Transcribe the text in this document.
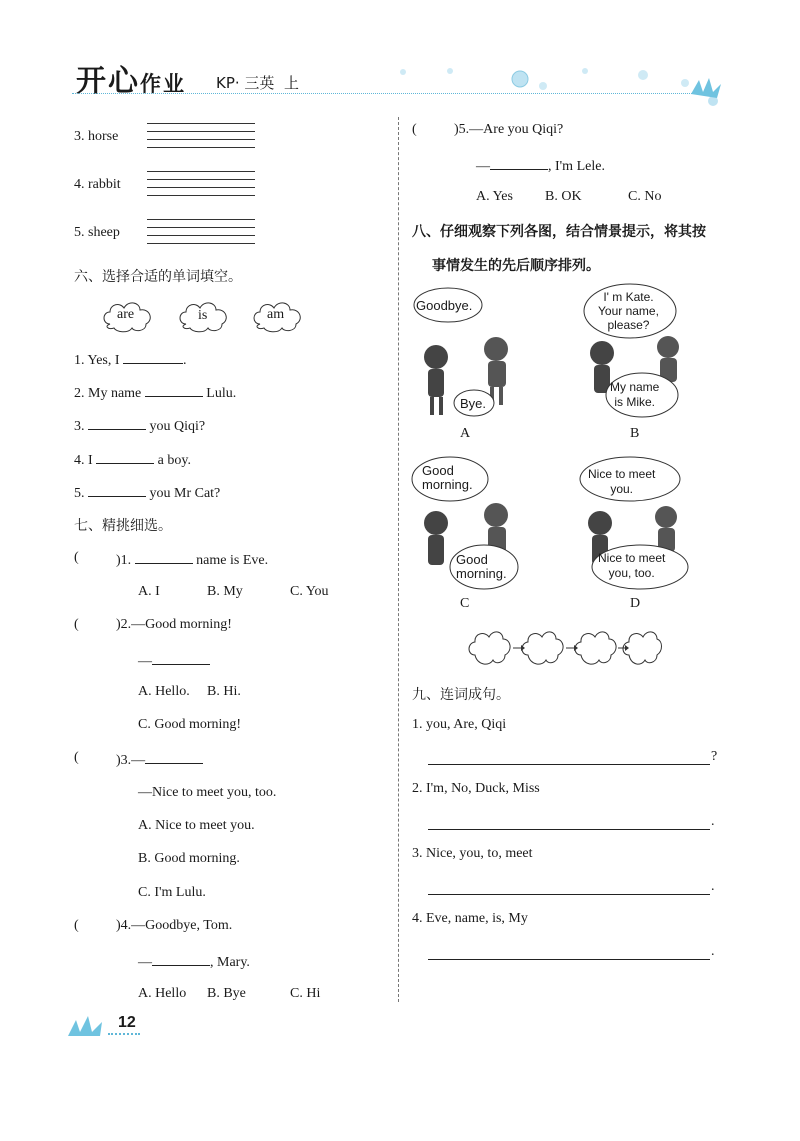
开心作业 KP· 三英 上
3. horse
4. rabbit
5. sheep
六、选择合适的单词填空。
are	is	am
1. Yes, I	.
2. My name	Lulu.
3.	you Qiqi?
4. I	a boy.
5.	you Mr Cat?
七、精挑细选。
(	)1.	name is Eve.
A. I	B. My	C. You
(	)2.—Good morning!
—
A. Hello. B. Hi.
C. Good morning!
(	)3.—
—Nice to meet you, too.
A. Nice to meet you.
B. Good morning.
C. I'm Lulu.
(	)4.—Goodbye, Tom.
—	, Mary.
A. Hello B. Bye	C. Hi
(	)5.—Are you Qiqi?
—	, I'm Lele.
A. Yes B. OK	C. No
八、仔细观察下列各图，结合情景提示，将其按
事情发生的先后顺序排列。
Goodbye.
Bye.
A
I' m Kate.
Your name,
please?
My name
is Mike.
B
Good
morning.
Good
morning.
C
Nice to meet
you.
Nice to meet
you, too.
D
九、连词成句。
1. you, Are, Qiqi
?
2. I'm, No, Duck, Miss
.
3. Nice, you, to, meet
.
4. Eve, name, is, My
.
12
